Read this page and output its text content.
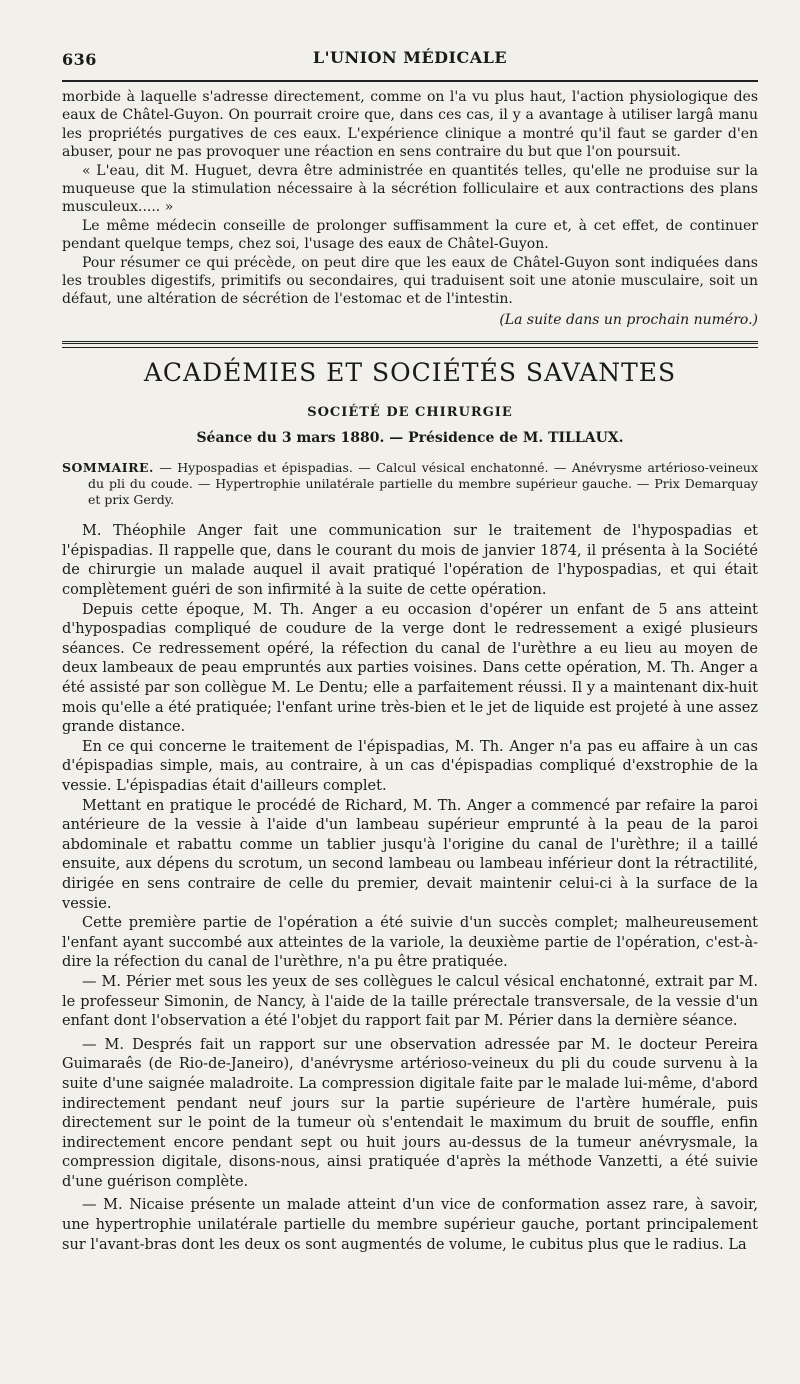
636	L'UNION MÉDICALE

morbide à laquelle s'adresse directement, comme on l'a vu plus haut, l'action physiologique des eaux de Châtel-Guyon. On pourrait croire que, dans ces cas, il y a avantage à utiliser largâ manu les propriétés purgatives de ces eaux. L'expérience clinique a montré qu'il faut se garder d'en abuser, pour ne pas provoquer une réaction en sens contraire du but que l'on poursuit.

« L'eau, dit M. Huguet, devra être administrée en quantités telles, qu'elle ne produise sur la muqueuse que la stimulation nécessaire à la sécrétion folliculaire et aux contractions des plans musculeux..... »

Le même médecin conseille de prolonger suffisamment la cure et, à cet effet, de continuer pendant quelque temps, chez soi, l'usage des eaux de Châtel-Guyon.

Pour résumer ce qui précède, on peut dire que les eaux de Châtel-Guyon sont indiquées dans les troubles digestifs, primitifs ou secondaires, qui traduisent soit une atonie musculaire, soit un défaut, une altération de sécrétion de l'estomac et de l'intestin.

(La suite dans un prochain numéro.)

ACADÉMIES ET SOCIÉTÉS SAVANTES
SOCIÉTÉ DE CHIRURGIE
Séance du 3 mars 1880. — Présidence de M. TILLAUX.
SOMMAIRE. — Hypospadias et épispadias. — Calcul vésical enchatonné. — Anévrysme artérioso-veineux du pli du coude. — Hypertrophie unilatérale partielle du membre supérieur gauche. — Prix Demarquay et prix Gerdy.

M. Théophile Anger fait une communication sur le traitement de l'hypospadias et l'épispadias. Il rappelle que, dans le courant du mois de janvier 1874, il présenta à la Société de chirurgie un malade auquel il avait pratiqué l'opération de l'hypospadias, et qui était complètement guéri de son infirmité à la suite de cette opération.

Depuis cette époque, M. Th. Anger a eu occasion d'opérer un enfant de 5 ans atteint d'hypospadias compliqué de coudure de la verge dont le redressement a exigé plusieurs séances. Ce redressement opéré, la réfection du canal de l'urèthre a eu lieu au moyen de deux lambeaux de peau empruntés aux parties voisines. Dans cette opération, M. Th. Anger a été assisté par son collègue M. Le Dentu; elle a parfaitement réussi. Il y a maintenant dix-huit mois qu'elle a été pratiquée; l'enfant urine très-bien et le jet de liquide est projeté à une assez grande distance.

En ce qui concerne le traitement de l'épispadias, M. Th. Anger n'a pas eu affaire à un cas d'épispadias simple, mais, au contraire, à un cas d'épispadias compliqué d'exstrophie de la vessie. L'épispadias était d'ailleurs complet.

Mettant en pratique le procédé de Richard, M. Th. Anger a commencé par refaire la paroi antérieure de la vessie à l'aide d'un lambeau supérieur emprunté à la peau de la paroi abdominale et rabattu comme un tablier jusqu'à l'origine du canal de l'urèthre; il a taillé ensuite, aux dépens du scrotum, un second lambeau ou lambeau inférieur dont la rétractilité, dirigée en sens contraire de celle du premier, devait maintenir celui-ci à la surface de la vessie.

Cette première partie de l'opération a été suivie d'un succès complet; malheureusement l'enfant ayant succombé aux atteintes de la variole, la deuxième partie de l'opération, c'est-à-dire la réfection du canal de l'urèthre, n'a pu être pratiquée.

— M. Périer met sous les yeux de ses collègues le calcul vésical enchatonné, extrait par M. le professeur Simonin, de Nancy, à l'aide de la taille prérectale transversale, de la vessie d'un enfant dont l'observation a été l'objet du rapport fait par M. Périer dans la dernière séance.

— M. Després fait un rapport sur une observation adressée par M. le docteur Pereira Guimaraês (de Rio-de-Janeiro), d'anévrysme artérioso-veineux du pli du coude survenu à la suite d'une saignée maladroite. La compression digitale faite par le malade lui-même, d'abord indirectement pendant neuf jours sur la partie supérieure de l'artère humérale, puis directement sur le point de la tumeur où s'entendait le maximum du bruit de souffle, enfin indirectement encore pendant sept ou huit jours au-dessus de la tumeur anévrysmale, la compression digitale, disons-nous, ainsi pratiquée d'après la méthode Vanzetti, a été suivie d'une guérison complète.

— M. Nicaise présente un malade atteint d'un vice de conformation assez rare, à savoir, une hypertrophie unilatérale partielle du membre supérieur gauche, portant principalement sur l'avant-bras dont les deux os sont augmentés de volume, le cubitus plus que le radius. La
